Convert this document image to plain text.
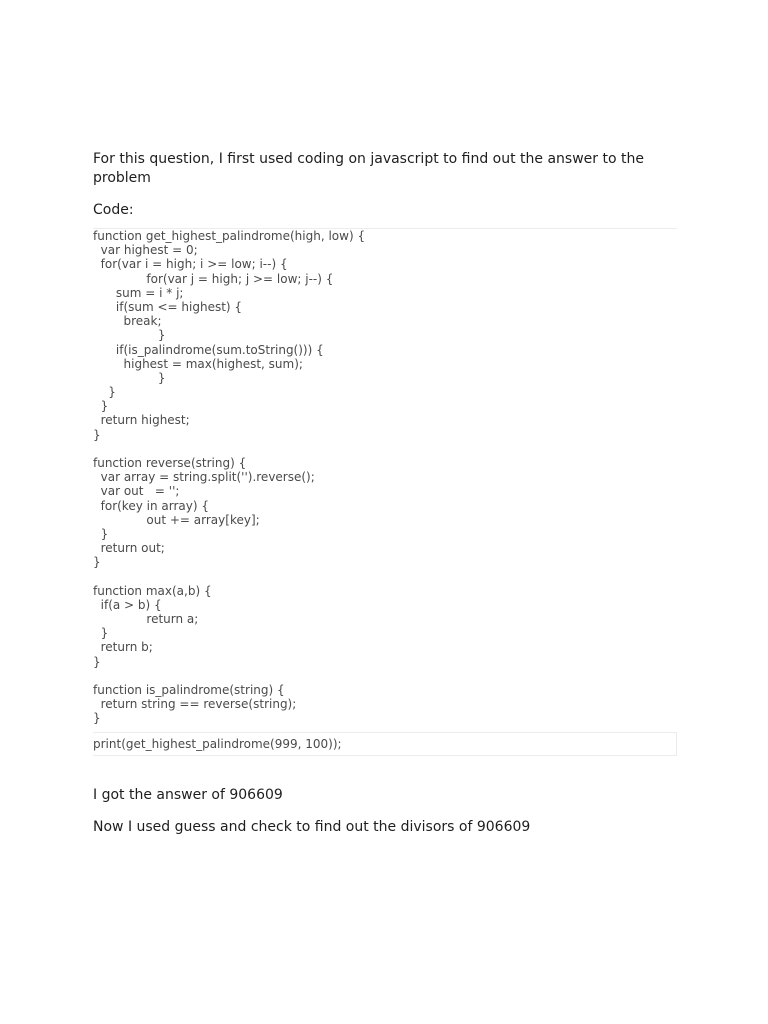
For this question, I first used coding on javascript to find out the answer to the problem

Code:

function get_highest_palindrome(high, low) {

var highest = 0;

for(var i = high; i >= low; i--) {

for(var j = high; j >= low; j--) {

sum = i * j;

if(sum <= highest) {

break;

}

if(is_palindrome(sum.toString())) {

highest = max(highest, sum);

}

}

}

return highest;

}

function reverse(string) {

var array = string.split('').reverse();

var out   = '';

for(key in array) {

out += array[key];

}

return out;

}

function max(a,b) {

if(a > b) {

return a;

}

return b;

}

function is_palindrome(string) {

return string == reverse(string);

}

print(get_highest_palindrome(999, 100));

I got the answer of 906609

Now I used guess and check to find out the divisors of 906609
